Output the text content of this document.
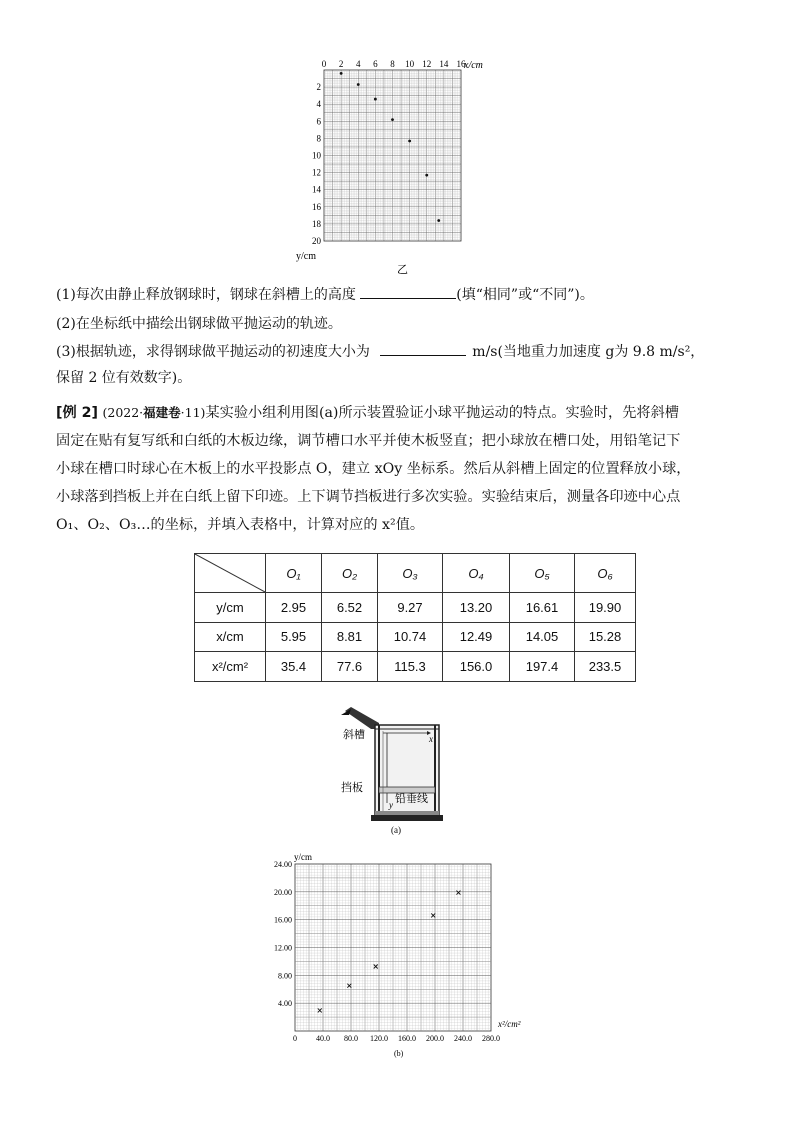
0 2 4 6 8 10 12 14 16
2
4
6
8
10
12
14
16
18
20
x/cm
y/cm
乙
(1)每次由静止释放钢球时，钢球在斜槽上的高度	(填“相同”或“不同”)。
(2)在坐标纸中描绘出钢球做平抛运动的轨迹。
(3)根据轨迹，求得钢球做平抛运动的初速度大小为	m/s(当地重力加速度 g为 9.8 m/s²，
保留 2 位有效数字)。
[例 2] (2022·福建卷·11)某实验小组利用图(a)所示装置验证小球平抛运动的特点。实验时，先将斜槽
固定在贴有复写纸和白纸的木板边缘，调节槽口水平并使木板竖直；把小球放在槽口处，用铅笔记下
小球在槽口时球心在木板上的水平投影点 O，建立 xOy 坐标系。然后从斜槽上固定的位置释放小球，
小球落到挡板上并在白纸上留下印迹。上下调节挡板进行多次实验。实验结束后，测量各印迹中心点
O₁、O₂、O₃…的坐标，并填入表格中，计算对应的 x²值。
	O₁	O₂	O₃	O₄	O₅	O₆
y/cm	2.95	6.52	9.27	13.20	16.61	19.90
x/cm	5.95	8.81	10.74	12.49	14.05	15.28
x²/cm²	35.4	77.6	115.3	156.0	197.4	233.5
x
y
斜槽
挡板
铅垂线
(a)
0 40.0 80.0 120.0 160.0 200.0 240.0 280.0
4.00
8.00
12.00
16.00
20.00
24.00
y/cm
x²/cm²
(b)
